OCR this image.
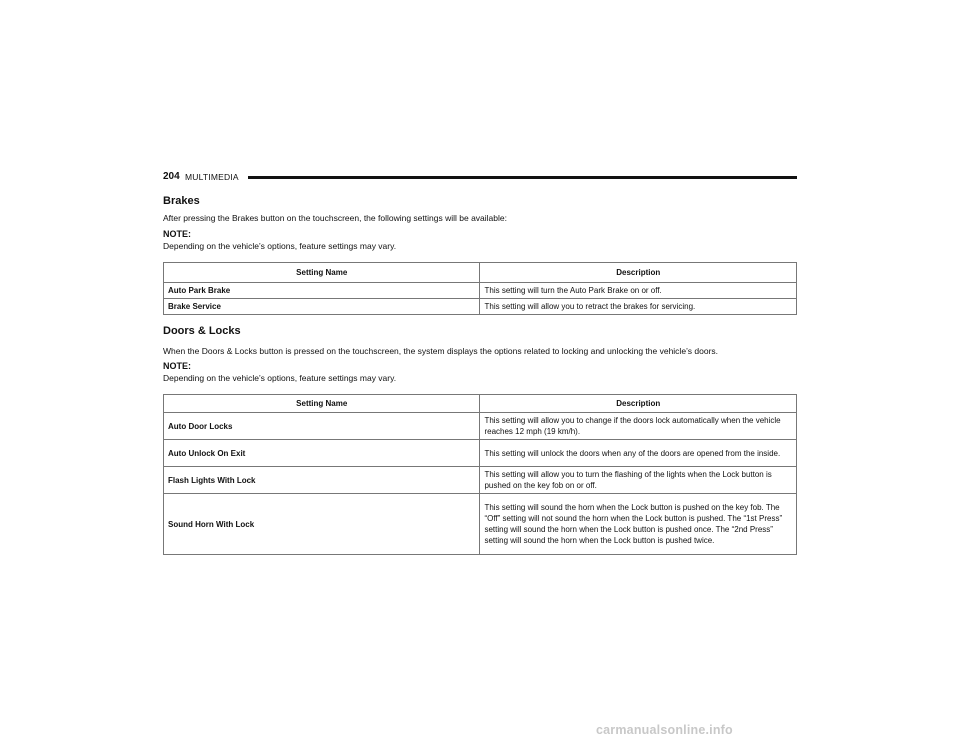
204 MULTIMEDIA
Brakes

After pressing the Brakes button on the touchscreen, the following settings will be available:

NOTE:

Depending on the vehicle’s options, feature settings may vary.

Setting Name	Description
Auto Park Brake	This setting will turn the Auto Park Brake on or off.
Brake Service	This setting will allow you to retract the brakes for servicing.
Doors & Locks

When the Doors & Locks button is pressed on the touchscreen, the system displays the options related to locking and unlocking the vehicle’s doors.

NOTE:

Depending on the vehicle’s options, feature settings may vary.

Setting Name	Description
Auto Door Locks	This setting will allow you to change if the doors lock automatically when the vehicle reaches 12 mph (19 km/h).
Auto Unlock On Exit	This setting will unlock the doors when any of the doors are opened from the inside.
Flash Lights With Lock	This setting will allow you to turn the flashing of the lights when the Lock button is pushed on the key fob on or off.
Sound Horn With Lock	This setting will sound the horn when the Lock button is pushed on the key fob. The “Off” setting will not sound the horn when the Lock button is pushed. The “1st Press” setting will sound the horn when the Lock button is pushed once. The “2nd Press” setting will sound the horn when the Lock button is pushed twice.
carmanualsonline.info
